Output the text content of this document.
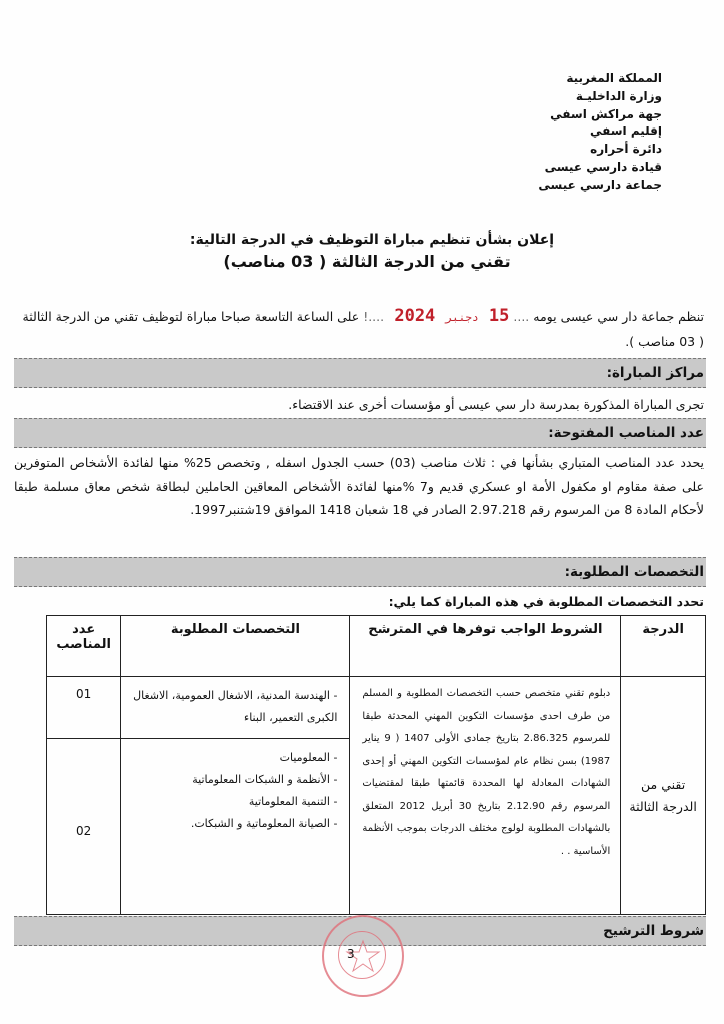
المملكة المغربية
وزارة الداخليـة
جهة مراكش اسفي
إقليم اسفي
دائرة أحراره
قيادة دارسي عيسى
جماعة دارسي عيسى
إعلان بشأن تنظيم مباراة التوظيف في الدرجة التالية:
تقني من الدرجة الثالثة ( 03 مناصب)
تنظم جماعة دار سي عيسى يومه .... 15 دجنبر 2024 ....! على الساعة التاسعة صباحا مباراة لتوظيف تقني من الدرجة الثالثة
( 03 مناصب ).
مراكز المباراة:
تجرى المباراة المذكورة بمدرسة دار سي عيسى أو مؤسسات أخرى عند الاقتضاء.
عدد المناصب المفتوحة:
يحدد عدد المناصب المتباري بشأنها في : ثلاث مناصب (03) حسب الجدول اسفله , وتخصص 25% منها لفائدة الأشخاص المتوفرين على صفة مقاوم او مكفول الأمة او عسكري قديم و7 %منها لفائدة الأشخاص المعاقين الحاملين لبطاقة شخص معاق مسلمة طبقا لأحكام المادة 8 من المرسوم رقم 2.97.218 الصادر في 18 شعبان 1418 الموافق 19شتنبر1997.
التخصصات المطلوبة:
تحدد التخصصات المطلوبة في هذه المباراة كما يلي:
الدرجة	الشروط الواجب توفرها في المترشح	التخصصات المطلوبة	عدد المناصب
تقني من الدرجة الثالثة	دبلوم تقني متخصص حسب التخصصات المطلوبة و المسلم من طرف احدى مؤسسات التكوين المهني المحدثة طبقا للمرسوم 2.86.325 بتاريخ جمادى الأولى 1407 ( 9 يناير 1987) بسن نظام عام لمؤسسات التكوين المهني أو إحدى الشهادات المعادلة لها المحددة قائمتها طبقا لمقتضيات المرسوم رقم 2.12.90 بتاريخ 30 أبريل 2012 المتعلق بالشهادات المطلوبة لولوج مختلف الدرجات بموجب الأنظمة الأساسية . .	- الهندسة المدنية، الاشغال العمومية، الاشغال الكبرى التعمير، البناء	01

		- المعلوميات
- الأنظمة و الشبكات المعلوماتية
- التنمية المعلوماتية
- الصيانة المعلوماتية و الشبكات.	02
شروط الترشيح
3
